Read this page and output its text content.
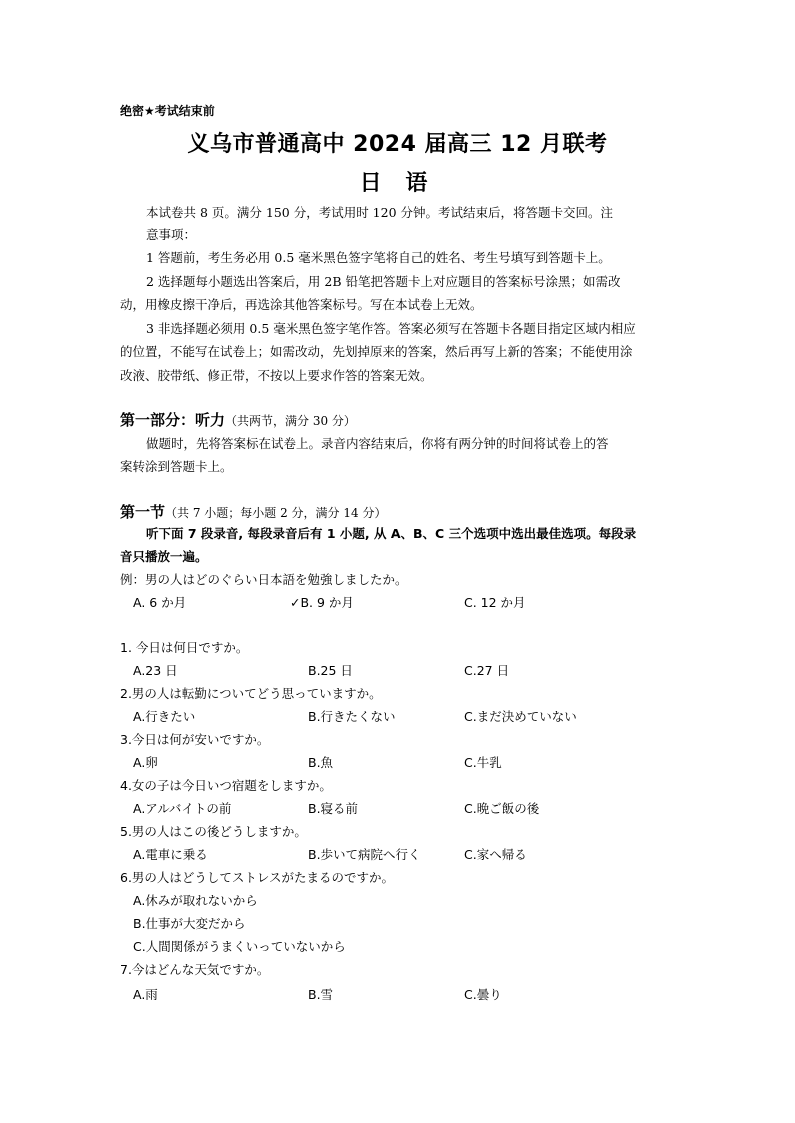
绝密★考试结束前
义乌市普通高中 2024 届高三 12 月联考
日 语
本试卷共 8 页。满分 150 分，考试用时 120 分钟。考试结束后，将答题卡交回。注
意事项：
1 答题前，考生务必用 0.5 毫米黑色签字笔将自己的姓名、考生号填写到答题卡上。
2 选择题每小题选出答案后，用 2B 铅笔把答题卡上对应题目的答案标号涂黑；如需改
动，用橡皮擦干净后，再选涂其他答案标号。写在本试卷上无效。
3 非选择题必须用 0.5 毫米黑色签字笔作答。答案必须写在答题卡各题目指定区域内相应
的位置，不能写在试卷上；如需改动，先划掉原来的答案，然后再写上新的答案；不能使用涂
改液、胶带纸、修正带，不按以上要求作答的答案无效。
第一部分：听力（共两节，满分 30 分）
做题时，先将答案标在试卷上。录音内容结束后，你将有两分钟的时间将试卷上的答
案转涂到答题卡上。
第一节（共 7 小题；每小题 2 分，满分 14 分）
听下面 7 段录音, 每段录音后有 1 小题, 从 A、B、C 三个选项中选出最佳选项。每段录
音只播放一遍。
例：男の人はどのぐらい日本語を勉強しましたか。
A. 6 か月	✓B. 9 か月	C. 12 か月
1. 今日は何日ですか。
A.23 日	B.25 日	C.27 日
2.男の人は転勤についてどう思っていますか。
A.行きたい	B.行きたくない	C.まだ決めていない
3.今日は何が安いですか。
A.卵	B.魚	C.牛乳
4.女の子は今日いつ宿題をしますか。
A.アルバイトの前	B.寝る前	C.晩ご飯の後
5.男の人はこの後どうしますか。
A.電車に乗る	B.歩いて病院へ行く	C.家へ帰る
6.男の人はどうしてストレスがたまるのですか。
A.休みが取れないから
B.仕事が大変だから
C.人間関係がうまくいっていないから
7.今はどんな天気ですか。
A.雨	B.雪	C.曇り
